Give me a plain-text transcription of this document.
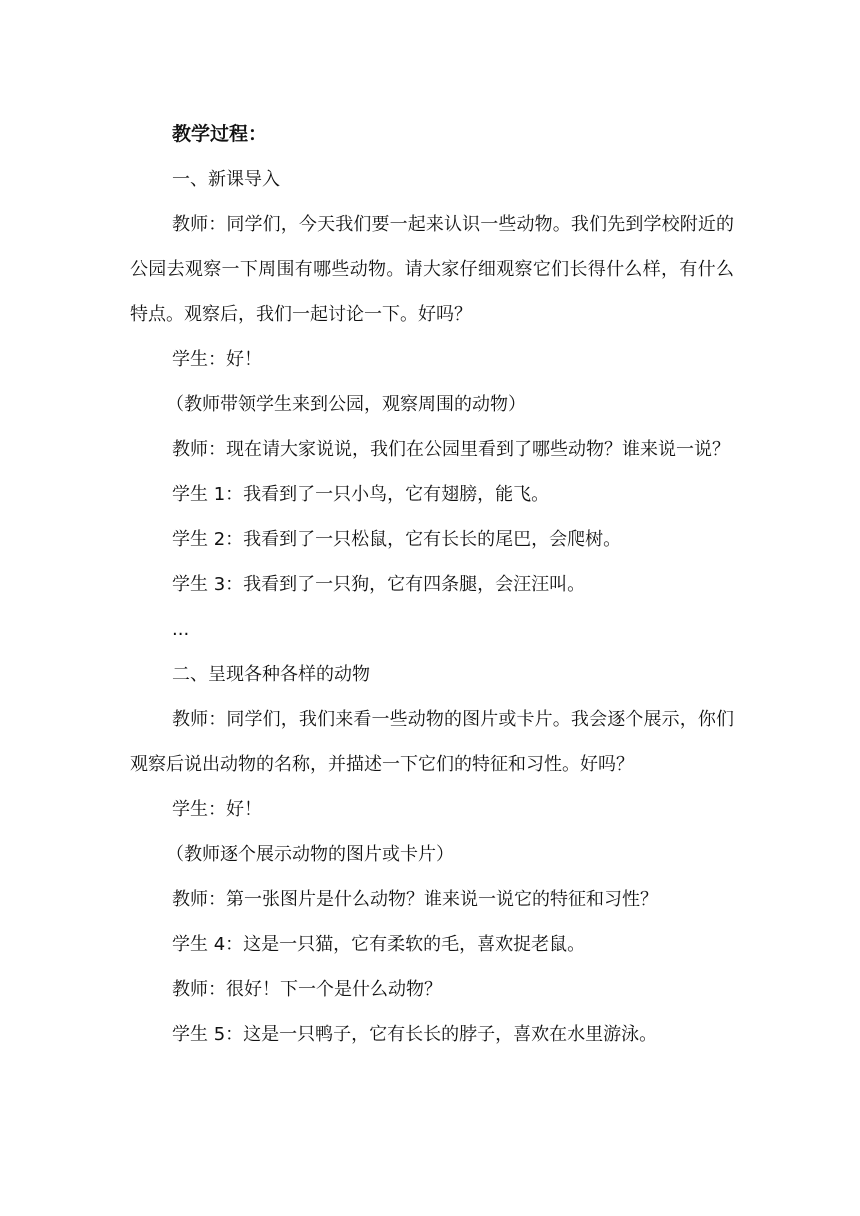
教学过程：

一、新课导入

教师：同学们，今天我们要一起来认识一些动物。我们先到学校附近的公园去观察一下周围有哪些动物。请大家仔细观察它们长得什么样，有什么特点。观察后，我们一起讨论一下。好吗？

学生：好！

（教师带领学生来到公园，观察周围的动物）

教师：现在请大家说说，我们在公园里看到了哪些动物？谁来说一说？

学生 1：我看到了一只小鸟，它有翅膀，能飞。

学生 2：我看到了一只松鼠，它有长长的尾巴，会爬树。

学生 3：我看到了一只狗，它有四条腿，会汪汪叫。

...

二、呈现各种各样的动物

教师：同学们，我们来看一些动物的图片或卡片。我会逐个展示，你们观察后说出动物的名称，并描述一下它们的特征和习性。好吗？

学生：好！

（教师逐个展示动物的图片或卡片）

教师：第一张图片是什么动物？谁来说一说它的特征和习性？

学生 4：这是一只猫，它有柔软的毛，喜欢捉老鼠。

教师：很好！下一个是什么动物？

学生 5：这是一只鸭子，它有长长的脖子，喜欢在水里游泳。
